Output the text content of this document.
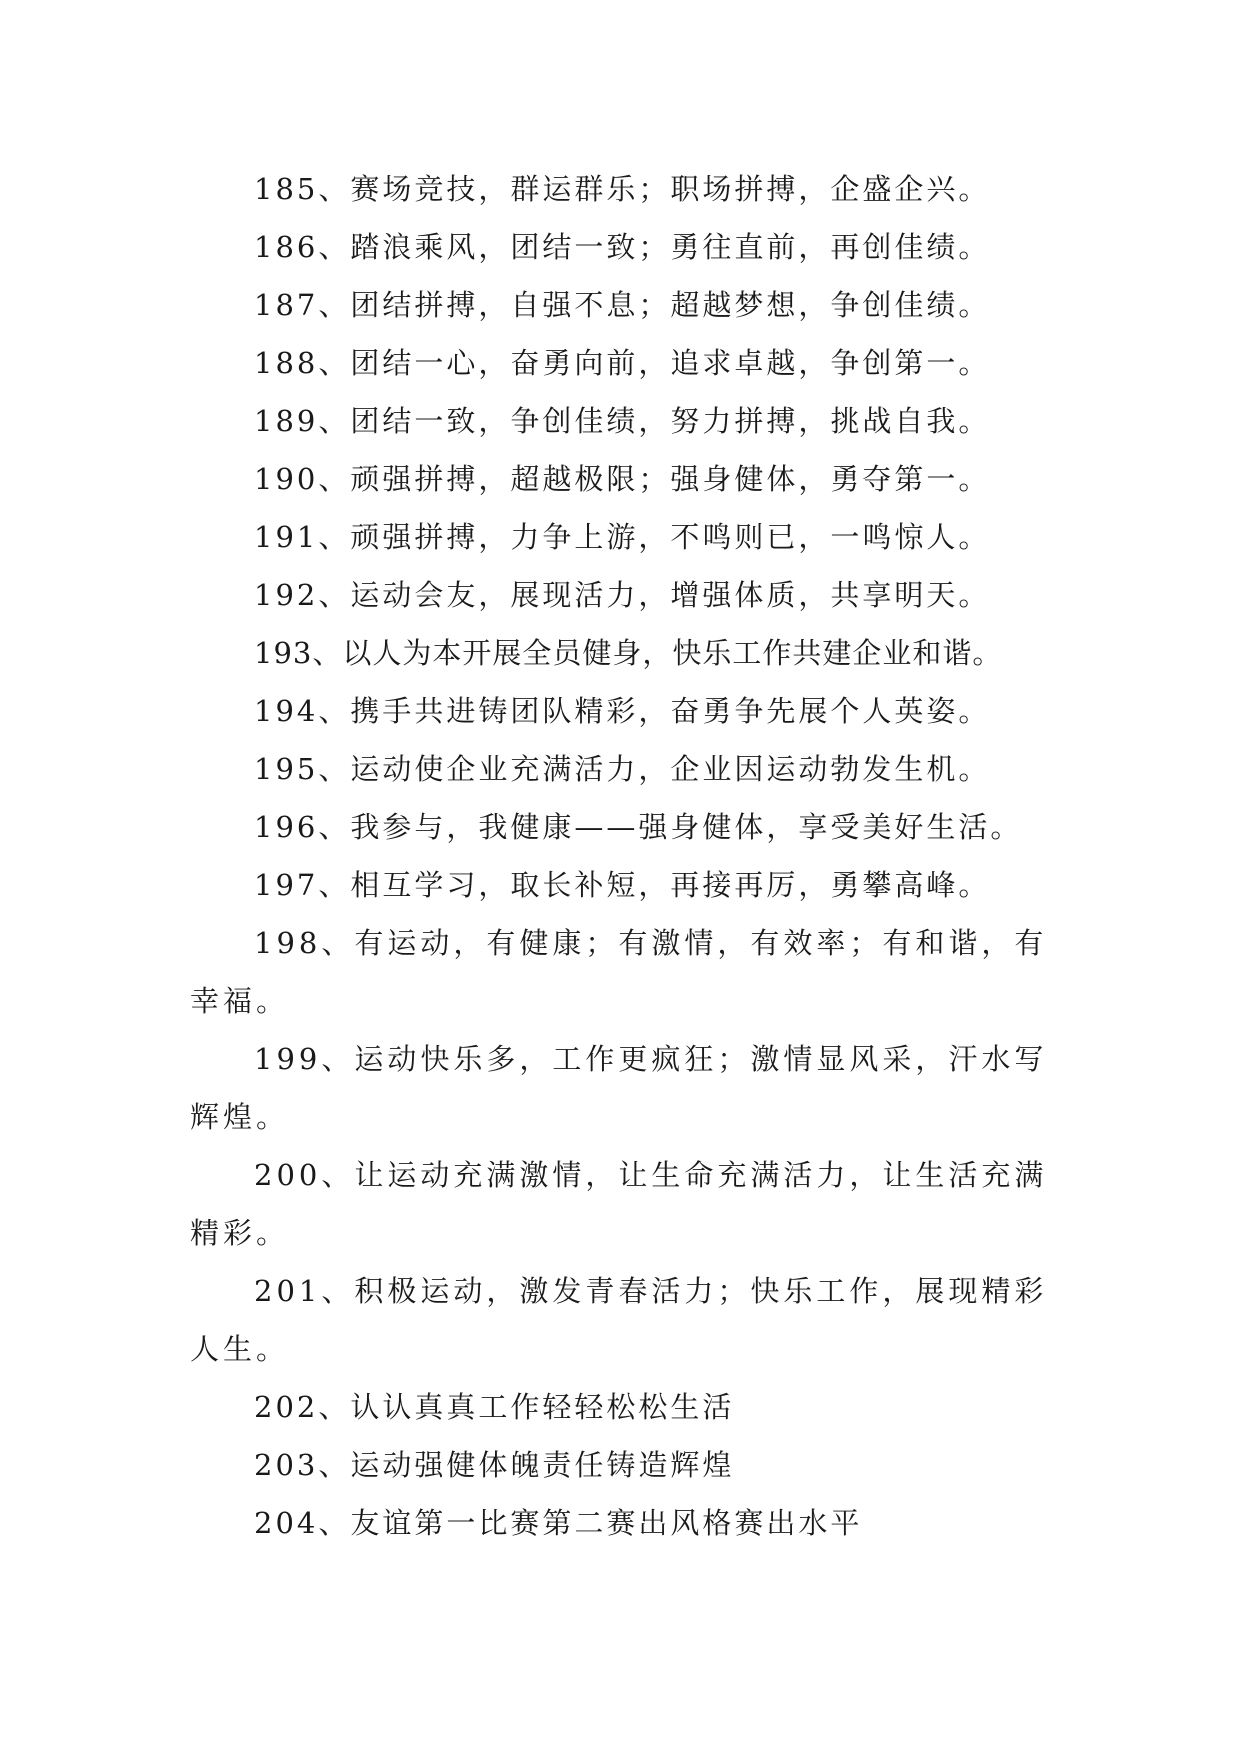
185、赛场竞技，群运群乐；职场拼搏，企盛企兴。

186、踏浪乘风，团结一致；勇往直前，再创佳绩。

187、团结拼搏，自强不息；超越梦想，争创佳绩。

188、团结一心，奋勇向前，追求卓越，争创第一。

189、团结一致，争创佳绩，努力拼搏，挑战自我。

190、顽强拼搏，超越极限；强身健体，勇夺第一。

191、顽强拼搏，力争上游，不鸣则已，一鸣惊人。

192、运动会友，展现活力，增强体质，共享明天。

193、以人为本开展全员健身，快乐工作共建企业和谐。

194、携手共进铸团队精彩，奋勇争先展个人英姿。

195、运动使企业充满活力，企业因运动勃发生机。

196、我参与，我健康——强身健体，享受美好生活。

197、相互学习，取长补短，再接再厉，勇攀高峰。

198、有运动，有健康；有激情，有效率；有和谐，有幸福。

199、运动快乐多，工作更疯狂；激情显风采，汗水写辉煌。

200、让运动充满激情，让生命充满活力，让生活充满精彩。

201、积极运动，激发青春活力；快乐工作，展现精彩人生。

202、认认真真工作轻轻松松生活

203、运动强健体魄责任铸造辉煌

204、友谊第一比赛第二赛出风格赛出水平
